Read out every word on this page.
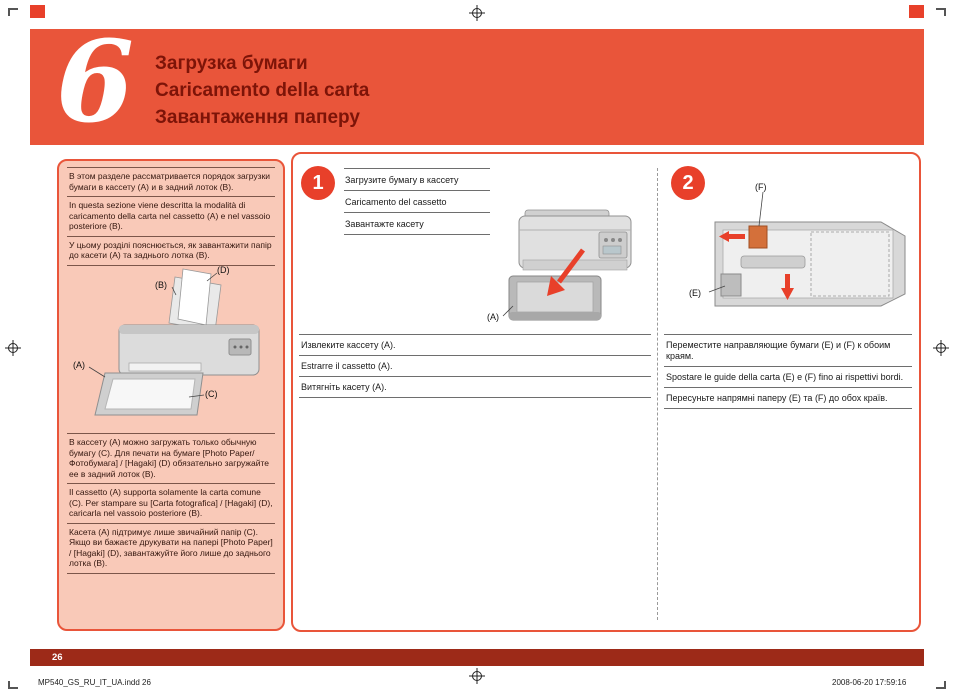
6 Загрузка бумаги
Caricamento della carta
Завантаження паперу

В этом разделе рассматривается порядок загрузки бумаги в кассету (A) и в задний лоток (B).

In questa sezione viene descritta la modalità di caricamento della carta nel cassetto (A) e nel vassoio posteriore (B).

У цьому розділі пояснюється, як завантажити папір до касети (A) та заднього лотка (B).

(D)
(B)
(A)
(C)

В кассету (A) можно загружать только обычную бумагу (C). Для печати на бумаге [Photo Paper/Фотобумага] / [Hagaki] (D) обязательно загружайте ее в задний лоток (B).

Il cassetto (A) supporta solamente la carta comune (C). Per stampare su [Carta fotografica] / [Hagaki] (D), caricarla nel vassoio posteriore (B).

Касета (A) підтримує лише звичайний папір (C). Якщо ви бажаєте друкувати на папері [Photo Paper] / [Hagaki] (D), завантажуйте його лише до заднього лотка (B).

1	Загрузите бумагу в кассету
Caricamento del cassetto
Завантажте касету
(A)
Извлеките кассету (A).
Estrarre il cassetto (A).
Витягніть касету (A).
2	(F)
(E)
Переместите направляющие бумаги (E) и (F) к обоим краям.
Spostare le guide della carta (E) e (F) fino ai rispettivi bordi.
Пересуньте напрямні паперу (E) та (F) до обох країв.
26
MP540_GS_RU_IT_UA.indd 26	2008-06-20 17:59:16
